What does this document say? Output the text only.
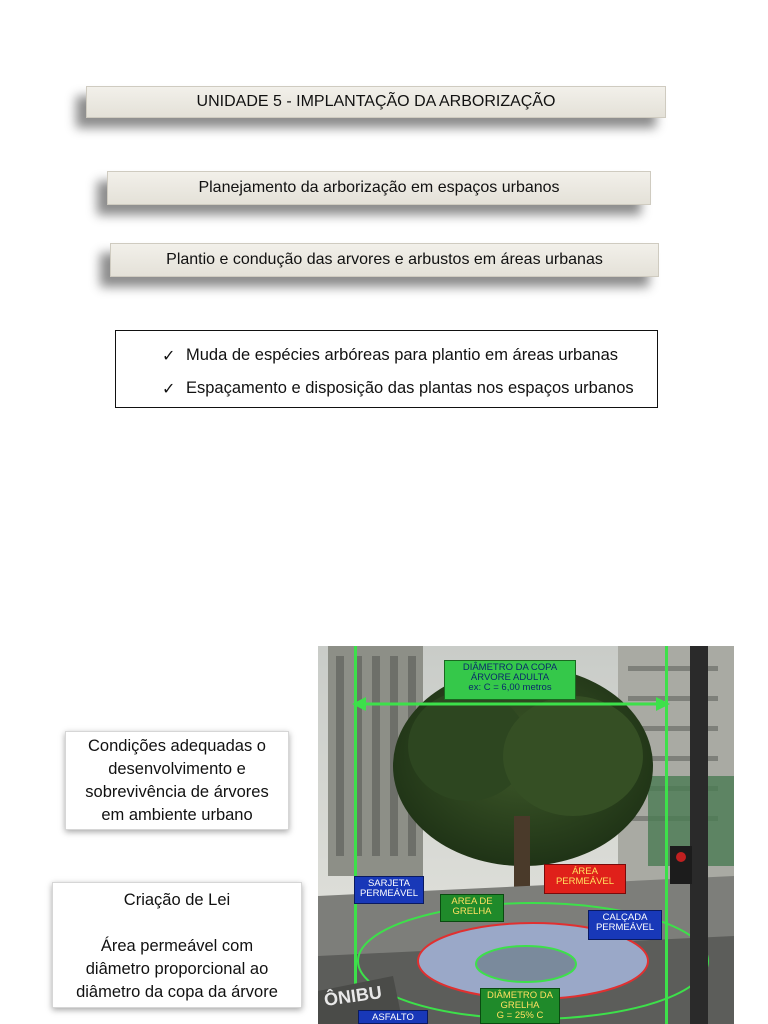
UNIDADE 5 - IMPLANTAÇÃO DA ARBORIZAÇÃO
Planejamento da arborização em espaços urbanos
Plantio e condução das arvores e arbustos em áreas urbanas
✓ Muda de espécies arbóreas para plantio em áreas urbanas
✓ Espaçamento e disposição das plantas nos espaços urbanos
Condições adequadas o
desenvolvimento e
sobrevivência de árvores
em ambiente urbano
Criação de Lei
Área permeável com
diâmetro proporcional ao
diâmetro da copa da árvore
DIÂMETRO DA COPA
ÁRVORE ADULTA
ex: C = 6,00 metros
SARJETA
PERMEÁVEL
AREA DE
GRELHA
ÁREA
PERMEÁVEL
CALÇADA
PERMEÁVEL
DIÂMETRO DA
GRELHA
G = 25% C
ASFALTO
ÔNIBU
